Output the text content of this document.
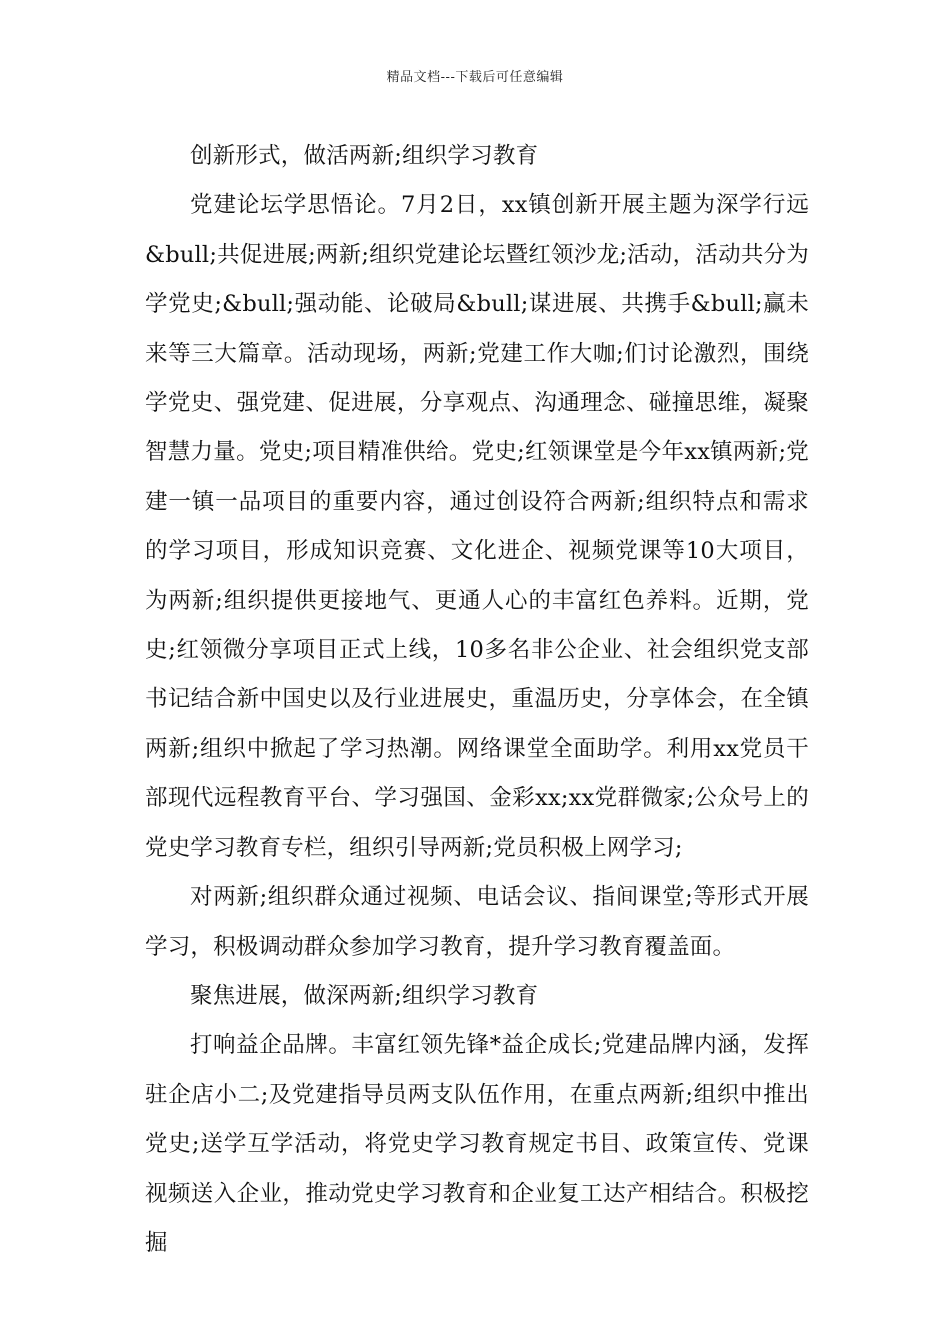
精品文档---下载后可任意编辑

创新形式，做活两新;组织学习教育

党建论坛学思悟论。7月2日，xx镇创新开展主题为深学行远&bull;共促进展;两新;组织党建论坛暨红领沙龙;活动，活动共分为学党史;&bull;强动能、论破局&bull;谋进展、共携手&bull;赢未来等三大篇章。活动现场，两新;党建工作大咖;们讨论激烈，围绕学党史、强党建、促进展，分享观点、沟通理念、碰撞思维，凝聚智慧力量。党史;项目精准供给。党史;红领课堂是今年xx镇两新;党建一镇一品项目的重要内容，通过创设符合两新;组织特点和需求的学习项目，形成知识竞赛、文化进企、视频党课等10大项目，为两新;组织提供更接地气、更通人心的丰富红色养料。近期，党史;红领微分享项目正式上线，10多名非公企业、社会组织党支部书记结合新中国史以及行业进展史，重温历史，分享体会，在全镇两新;组织中掀起了学习热潮。网络课堂全面助学。利用xx党员干部现代远程教育平台、学习强国、金彩xx;xx党群微家;公众号上的党史学习教育专栏，组织引导两新;党员积极上网学习;

对两新;组织群众通过视频、电话会议、指间课堂;等形式开展学习，积极调动群众参加学习教育，提升学习教育覆盖面。

聚焦进展，做深两新;组织学习教育

打响益企品牌。丰富红领先锋*益企成长;党建品牌内涵，发挥驻企店小二;及党建指导员两支队伍作用，在重点两新;组织中推出党史;送学互学活动，将党史学习教育规定书目、政策宣传、党课视频送入企业，推动党史学习教育和企业复工达产相结合。积极挖掘
